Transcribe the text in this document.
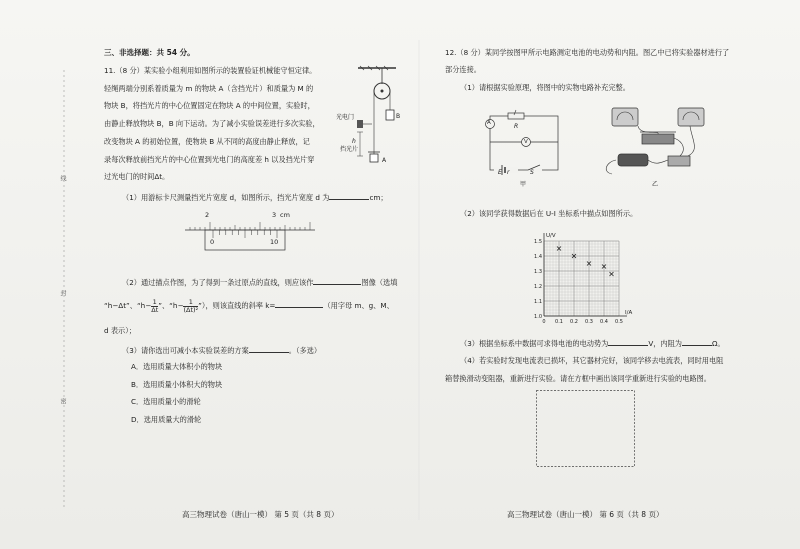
线
封
密
三、非选择题：共 54 分。
11.（8 分）某实验小组利用如图所示的装置验证机械能守恒定律。
轻绳两端分别系着质量为 m 的物块 A（含挡光片）和质量为 M 的
物块 B，将挡光片的中心位置固定在物块 A 的中间位置，实验时，
由静止释放物块 B，B 向下运动。为了减小实验误差进行多次实验，
改变物块 A 的初始位置，使物块 B 从不同的高度由静止释放，记
录每次释放前挡光片的中心位置到光电门的高度差 h 以及挡光片穿
过光电门的时间Δt。
光电门
挡光片
h
A
B
（1）用游标卡尺测量挡光片宽度 d，如图所示，挡光片宽度 d 为	cm；
2	3 cm
0	10
（2）通过描点作图，为了得到一条过原点的直线，则应该作	图像（选填
“h−Δt”、“$h- \frac{1}{\Delta t}$ ”、“$h- \frac{1}{\text{(Δt)²}}$ ”），则该直线的斜率 k=	（用字母 m、g、M、
d 表示）；
（3）请你选出可减小本实验误差的方案	。（多选）
A．选用质量大体积小的物块
B．选用质量小体积大的物块
C．选用质量小的滑轮
D．选用质量大的滑轮
高三物理试卷（唐山一模） 第 5 页（共 8 页）
12.（8 分）某同学按图甲所示电路测定电池的电动势和内阻。图乙中已将实验器材进行了
部分连接。
（1）请根据实验原理，将图中的实物电路补充完整。
A	R
V
E r	S
甲	乙
（2）该同学获得数据后在 U-I 坐标系中描点如图所示。
1.5
1.4
1.3
1.2
1.1
1.0
0 0.1 0.2 0.3 0.4 0.5
U/V
I/A
（3）根据坐标系中数据可求得电池的电动势为	V，内阻为	Ω。
（4）若实验时发现电流表已损坏，其它器材完好，该同学移去电流表，同时用电阻
箱替换滑动变阻器，重新进行实验。请在方框中画出该同学重新进行实验的电路图。
高三物理试卷（唐山一模） 第 6 页（共 8 页）
